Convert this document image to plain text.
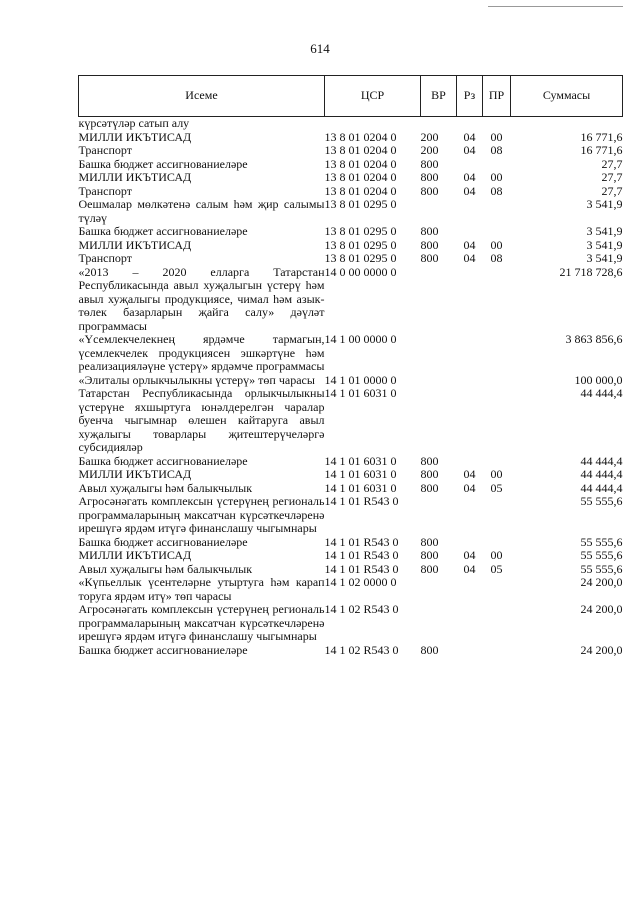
614
Исеме	ЦСР	ВР	Рз	ПР	Суммасы
күрсәтүләр сатып алу					
МИЛЛИ ИКЪТИСАД	13 8 01 0204 0	200	04	00	16 771,6
Транспорт	13 8 01 0204 0	200	04	08	16 771,6
Башка бюджет ассигнованиеләре	13 8 01 0204 0	800			27,7
МИЛЛИ ИКЪТИСАД	13 8 01 0204 0	800	04	00	27,7
Транспорт	13 8 01 0204 0	800	04	08	27,7
Оешмалар мөлкәтенә салым һәм җир салымы түләү	13 8 01 0295 0				3 541,9
Башка бюджет ассигнованиеләре	13 8 01 0295 0	800			3 541,9
МИЛЛИ ИКЪТИСАД	13 8 01 0295 0	800	04	00	3 541,9
Транспорт	13 8 01 0295 0	800	04	08	3 541,9
«2013 – 2020 елларга Татарстан Республикасында авыл хуҗалыгын үстерү һәм авыл хуҗалыгы продукциясе, чимал һәм азык-төлек базарларын җайга салу» дәүләт программасы	14 0 00 0000 0				21 718 728,6
«Үсемлекчелекнең ярдәмче тармагын, үсемлекчелек продукциясен эшкәртүне һәм реализацияләүне үстерү» ярдәмче программасы	14 1 00 0000 0				3 863 856,6
«Элиталы орлыкчылыкны үстерү» төп чарасы	14 1 01 0000 0				100 000,0
Татарстан Республикасында орлыкчылыкны үстерүне яхшыртуга юнәлдерелгән чаралар буенча чыгымнар өлешен кайтаруга авыл хуҗалыгы товарлары җитештерүчеләргә субсидияләр	14 1 01 6031 0				44 444,4
Башка бюджет ассигнованиеләре	14 1 01 6031 0	800			44 444,4
МИЛЛИ ИКЪТИСАД	14 1 01 6031 0	800	04	00	44 444,4
Авыл хуҗалыгы һәм балыкчылык	14 1 01 6031 0	800	04	05	44 444,4
Агросәнәгать комплексын үстерүнең региональ программаларының максатчан күрсәткечләренә ирешүгә ярдәм итүгә финанслашу чыгымнары	14 1 01 R543 0				55 555,6
Башка бюджет ассигнованиеләре	14 1 01 R543 0	800			55 555,6
МИЛЛИ ИКЪТИСАД	14 1 01 R543 0	800	04	00	55 555,6
Авыл хуҗалыгы һәм балыкчылык	14 1 01 R543 0	800	04	05	55 555,6
«Күпьеллык үсентеләрне утыртуга һәм карап торуга ярдәм итү» төп чарасы	14 1 02 0000 0				24 200,0
Агросәнәгать комплексын үстерүнең региональ программаларының максатчан күрсәткечләренә ирешүгә ярдәм итүгә финанслашу чыгымнары	14 1 02 R543 0				24 200,0
Башка бюджет ассигнованиеләре	14 1 02 R543 0	800			24 200,0
